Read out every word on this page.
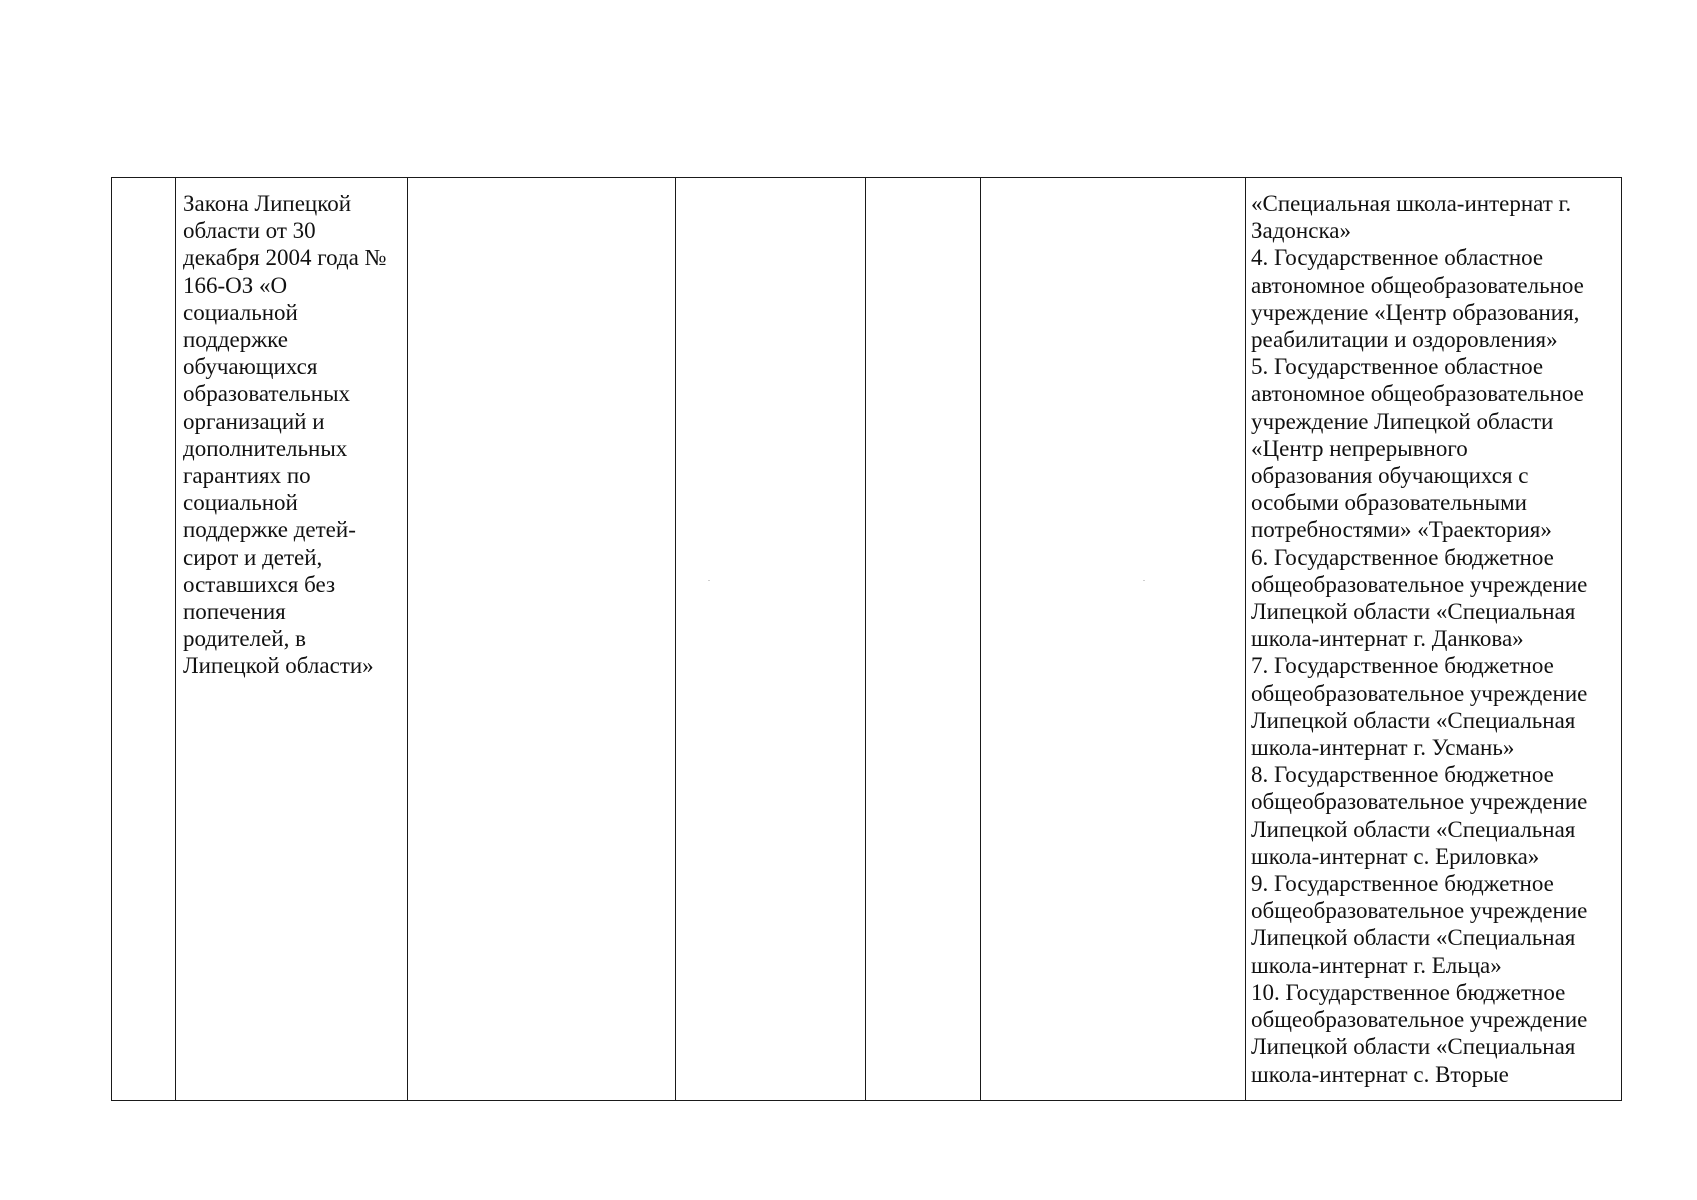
Закона Липецкой
области от 30
декабря 2004 года №
166-ОЗ «О
социальной
поддержке
обучающихся
образовательных
организаций и
дополнительных
гарантиях по
социальной
поддержке детей-
сирот и детей,
оставшихся без
попечения
родителей, в
Липецкой области»

«Специальная школа-интернат г.
Задонска»
4. Государственное областное
автономное общеобразовательное
учреждение «Центр образования,
реабилитации и оздоровления»
5. Государственное областное
автономное общеобразовательное
учреждение Липецкой области
«Центр непрерывного
образования обучающихся с
особыми образовательными
потребностями» «Траектория»
6. Государственное бюджетное
общеобразовательное учреждение
Липецкой области «Специальная
школа-интернат г. Данкова»
7. Государственное бюджетное
общеобразовательное учреждение
Липецкой области «Специальная
школа-интернат г. Усмань»
8. Государственное бюджетное
общеобразовательное учреждение
Липецкой области «Специальная
школа-интернат с. Ериловка»
9. Государственное бюджетное
общеобразовательное учреждение
Липецкой области «Специальная
школа-интернат г. Ельца»
10. Государственное бюджетное
общеобразовательное учреждение
Липецкой области «Специальная
школа-интернат с. Вторые
